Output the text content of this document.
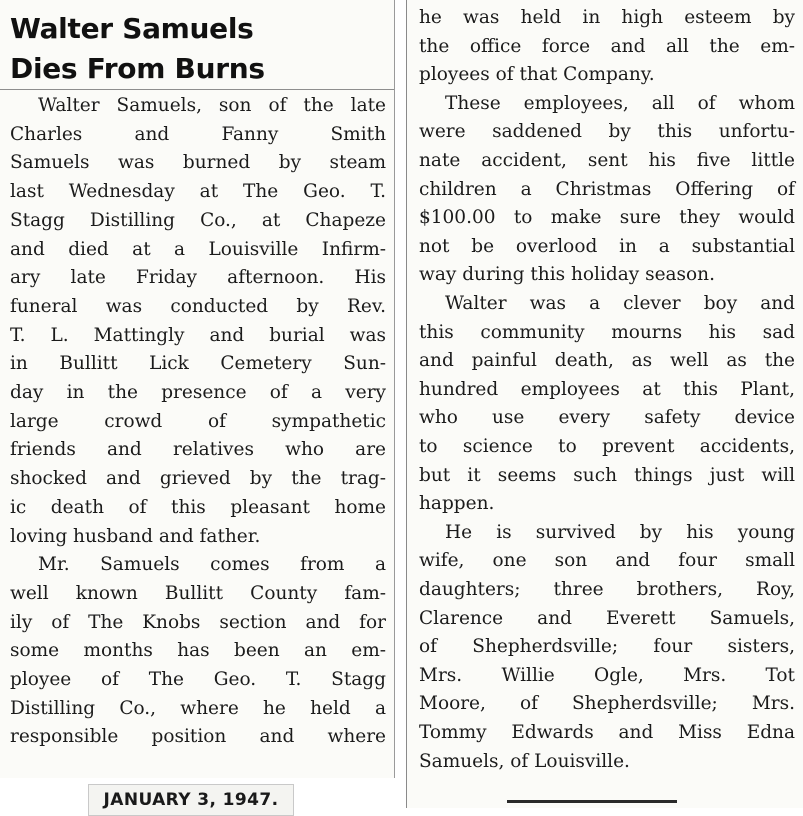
Walter Samuels
Dies From Burns
Walter Samuels, son of the late
Charles and Fanny Smith
Samuels was burned by steam
last Wednesday at The Geo. T.
Stagg Distilling Co., at Chapeze
and died at a Louisville Infirm-
ary late Friday afternoon. His
funeral was conducted by Rev.
T. L. Mattingly and burial was
in Bullitt Lick Cemetery Sun-
day in the presence of a very
large crowd of sympathetic
friends and relatives who are
shocked and grieved by the trag-
ic death of this pleasant home
loving husband and father.
Mr. Samuels comes from a
well known Bullitt County fam-
ily of The Knobs section and for
some months has been an em-
ployee of The Geo. T. Stagg
Distilling Co., where he held a
responsible position and where
he was held in high esteem by
the office force and all the em-
ployees of that Company.
These employees, all of whom
were saddened by this unfortu-
nate accident, sent his five little
children a Christmas Offering of
$100.00 to make sure they would
not be overlood in a substantial
way during this holiday season.
Walter was a clever boy and
this community mourns his sad
and painful death, as well as the
hundred employees at this Plant,
who use every safety device
to science to prevent accidents,
but it seems such things just will
happen.
He is survived by his young
wife, one son and four small
daughters; three brothers, Roy,
Clarence and Everett Samuels,
of Shepherdsville; four sisters,
Mrs. Willie Ogle, Mrs. Tot
Moore, of Shepherdsville; Mrs.
Tommy Edwards and Miss Edna
Samuels, of Louisville.
JANUARY 3, 1947.
